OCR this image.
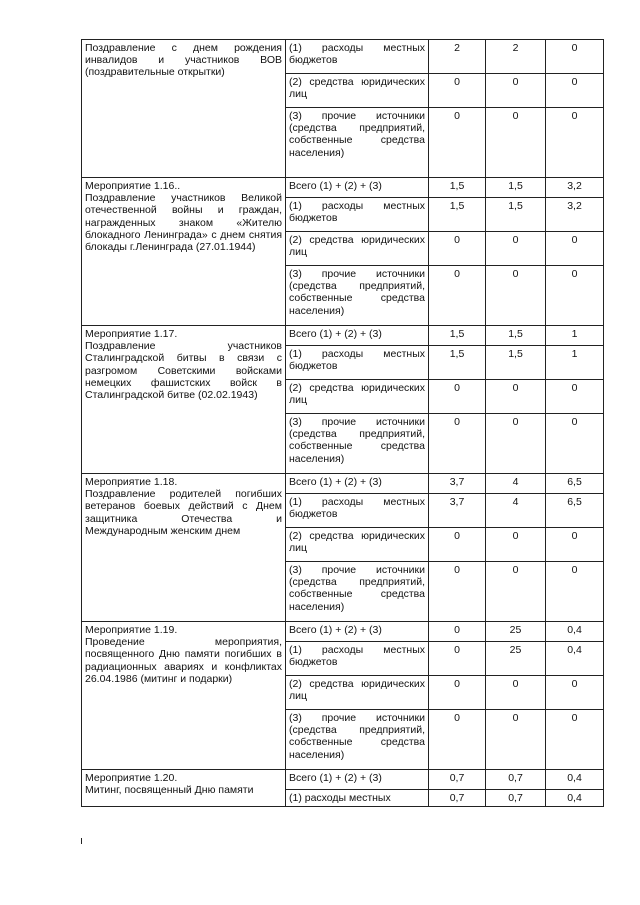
Поздравление с днем рождения инвалидов и участников ВОВ (поздравительные открытки)	(1) расходы местных бюджетов	2	2	0
	(2) средства юридических лиц	0	0	0
	(3) прочие источники (средства предприятий, собственные средства населения)	0	0	0

Мероприятие 1.16..
Поздравление участников Великой отечественной войны и граждан, награжденных знаком «Жителю блокадного Ленинграда» с днем снятия блокады г.Ленинграда (27.01.1944)	Всего (1) + (2) + (3)	1,5	1,5	3,2
	(1) расходы местных бюджетов	1,5	1,5	3,2
	(2) средства юридических лиц	0	0	0
	(3) прочие источники (средства предприятий, собственные средства населения)	0	0	0

Мероприятие 1.17.
Поздравление участников Сталинградской битвы в связи с разгромом Советскими войсками немецких фашистских войск в Сталинградской битве (02.02.1943)	Всего (1) + (2) + (3)	1,5	1,5	1
	(1) расходы местных бюджетов	1,5	1,5	1
	(2) средства юридических лиц	0	0	0
	(3) прочие источники (средства предприятий, собственные средства населения)	0	0	0

Мероприятие 1.18.
Поздравление родителей погибших ветеранов боевых действий с Днем защитника Отечества и Международным женским днем	Всего (1) + (2) + (3)	3,7	4	6,5
	(1) расходы местных бюджетов	3,7	4	6,5
	(2) средства юридических лиц	0	0	0
	(3) прочие источники (средства предприятий, собственные средства населения)	0	0	0

Мероприятие 1.19.
Проведение мероприятия, посвященного Дню памяти погибших в радиационных авариях и конфликтах 26.04.1986 (митинг и подарки)	Всего (1) + (2) + (3)	0	25	0,4
	(1) расходы местных бюджетов	0	25	0,4
	(2) средства юридических лиц	0	0	0
	(3) прочие источники (средства предприятий, собственные средства населения)	0	0	0

Мероприятие 1.20.
Митинг, посвященный Дню памяти	Всего (1) + (2) + (3)	0,7	0,7	0,4
	(1) расходы местных	0,7	0,7	0,4
